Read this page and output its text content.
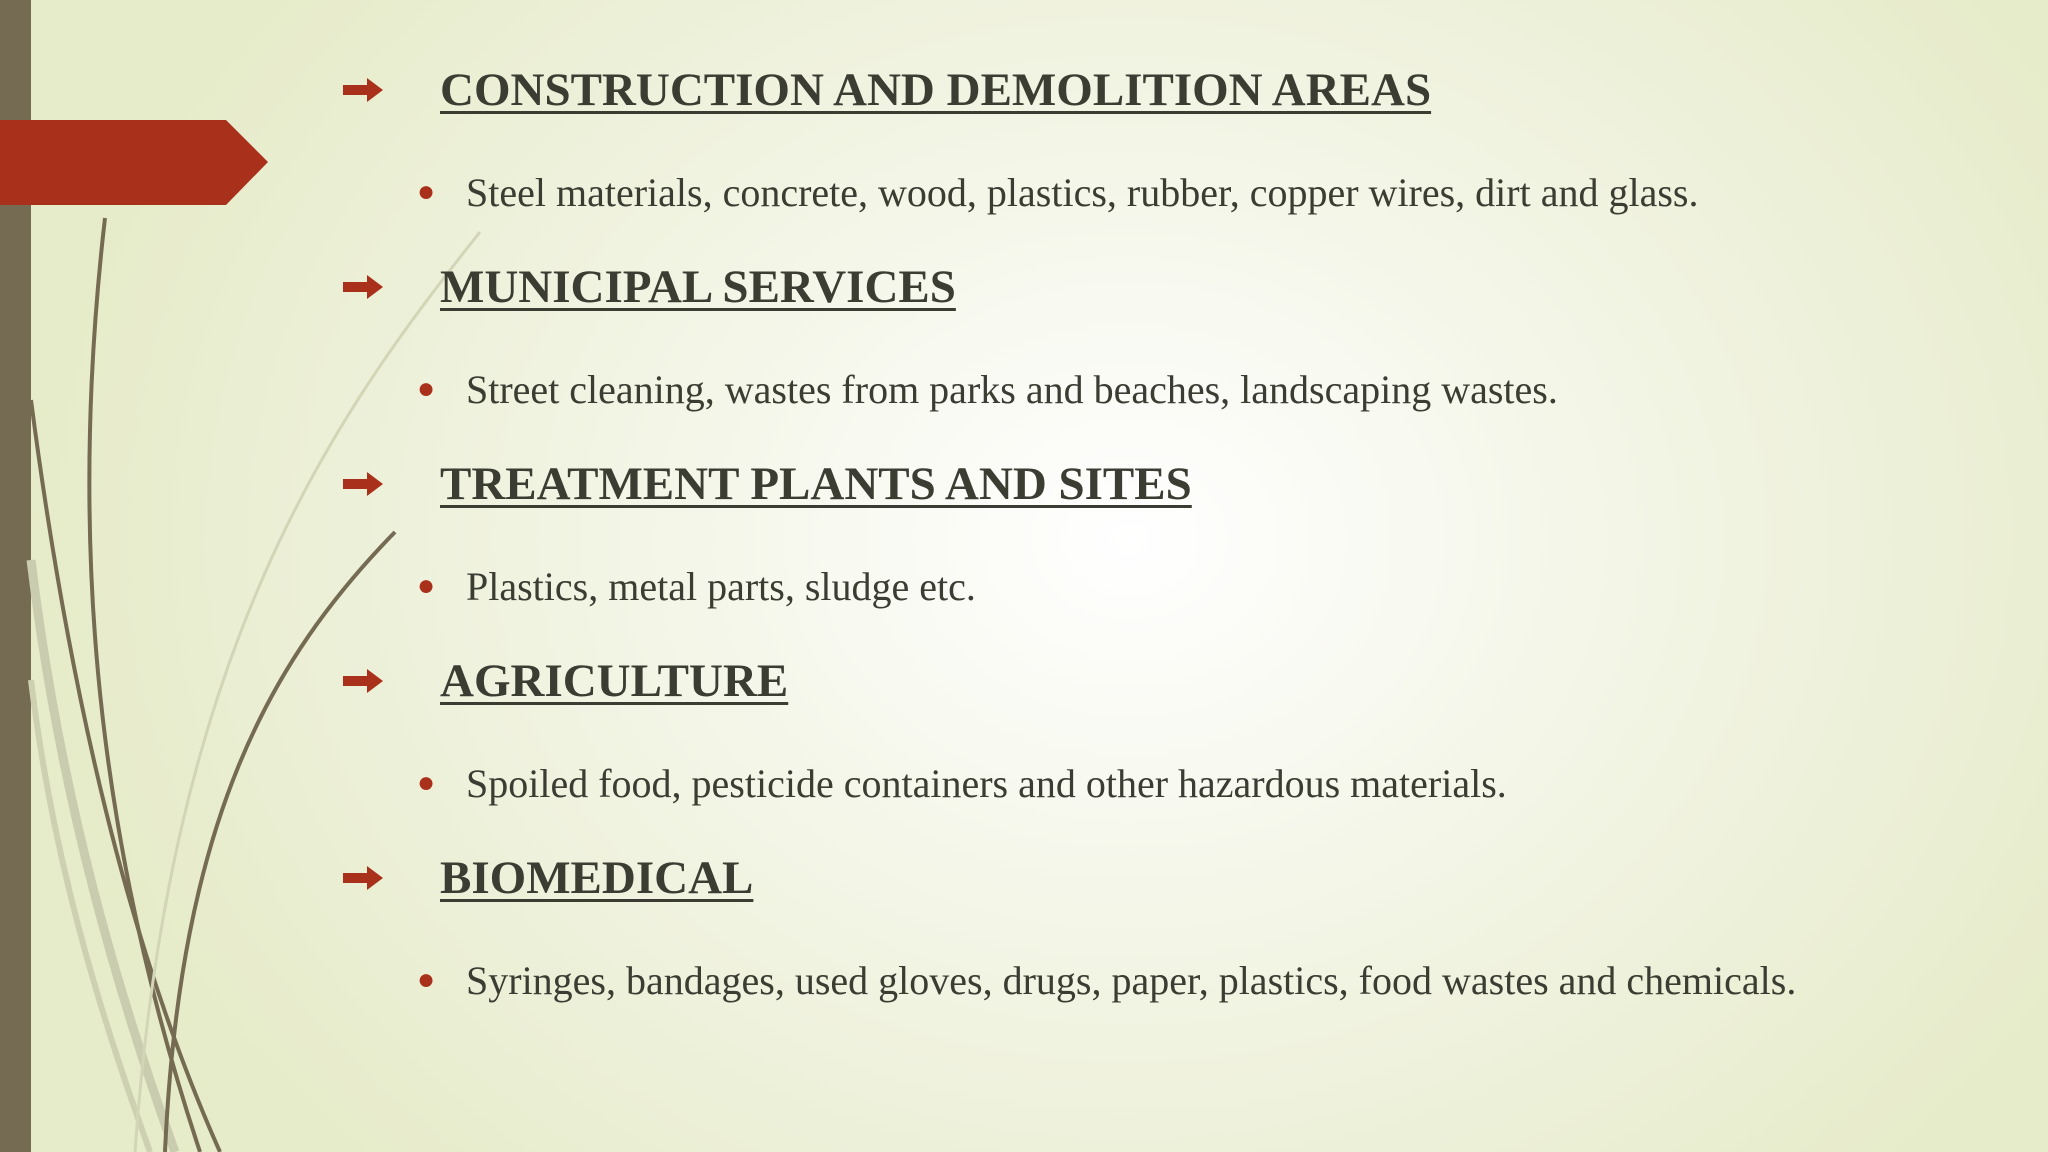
CONSTRUCTION AND DEMOLITION AREAS
● Steel materials, concrete, wood, plastics, rubber, copper wires, dirt and glass.
MUNICIPAL SERVICES
● Street cleaning, wastes from parks and beaches, landscaping wastes.
TREATMENT PLANTS AND SITES
● Plastics, metal parts, sludge etc.
AGRICULTURE
● Spoiled food, pesticide containers and other hazardous materials.
BIOMEDICAL
● Syringes, bandages, used gloves, drugs, paper, plastics, food wastes and chemicals.
